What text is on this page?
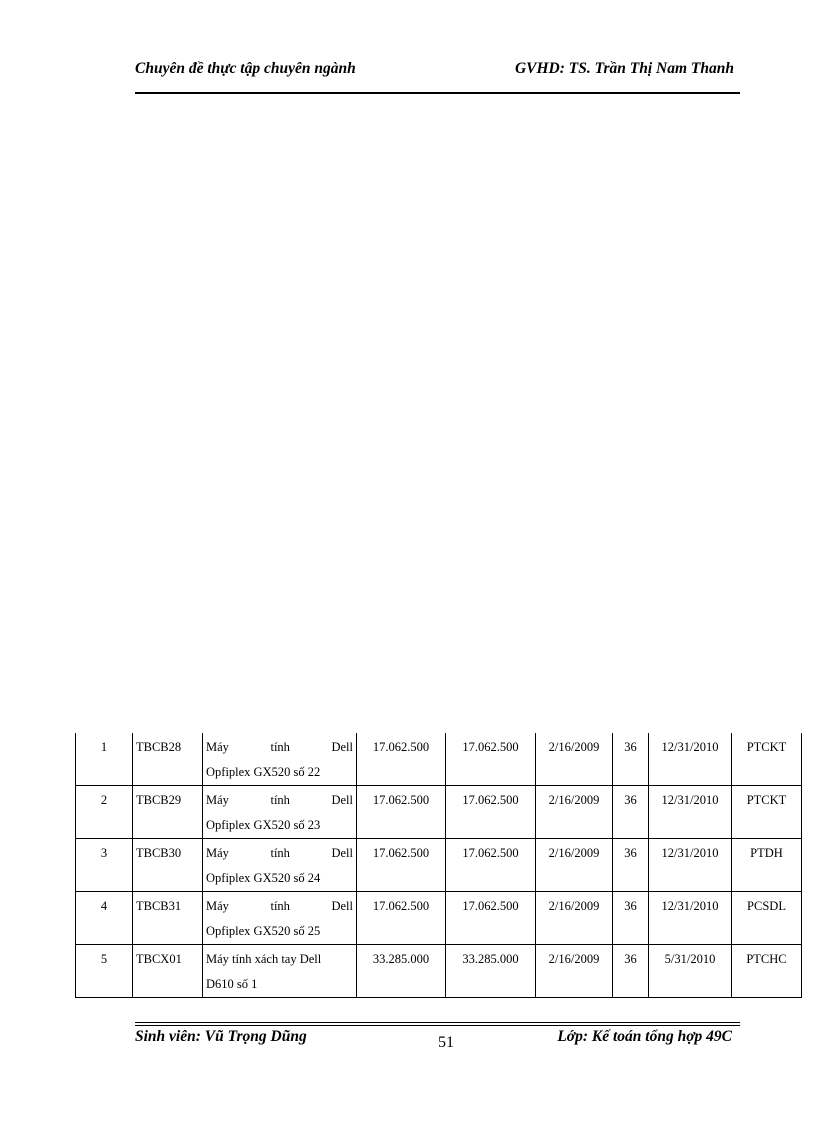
Chuyên đề thực tập chuyên ngành	GVHD: TS. Trần Thị Nam Thanh
1	TBCB28	Máy tính Dell
Opfiplex GX520 số 22	17.062.500	17.062.500	2/16/2009	36	12/31/2010	PTCKT
2	TBCB29	Máy tính Dell
Opfiplex GX520 số 23	17.062.500	17.062.500	2/16/2009	36	12/31/2010	PTCKT
3	TBCB30	Máy tính Dell
Opfiplex GX520 số 24	17.062.500	17.062.500	2/16/2009	36	12/31/2010	PTDH
4	TBCB31	Máy tính Dell
Opfiplex GX520 số 25	17.062.500	17.062.500	2/16/2009	36	12/31/2010	PCSDL
5	TBCX01	Máy tính xách tay Dell
D610 số 1	33.285.000	33.285.000	2/16/2009	36	5/31/2010	PTCHC
Sinh viên: Vũ Trọng Dũng	51	Lớp: Kế toán tổng hợp 49C
